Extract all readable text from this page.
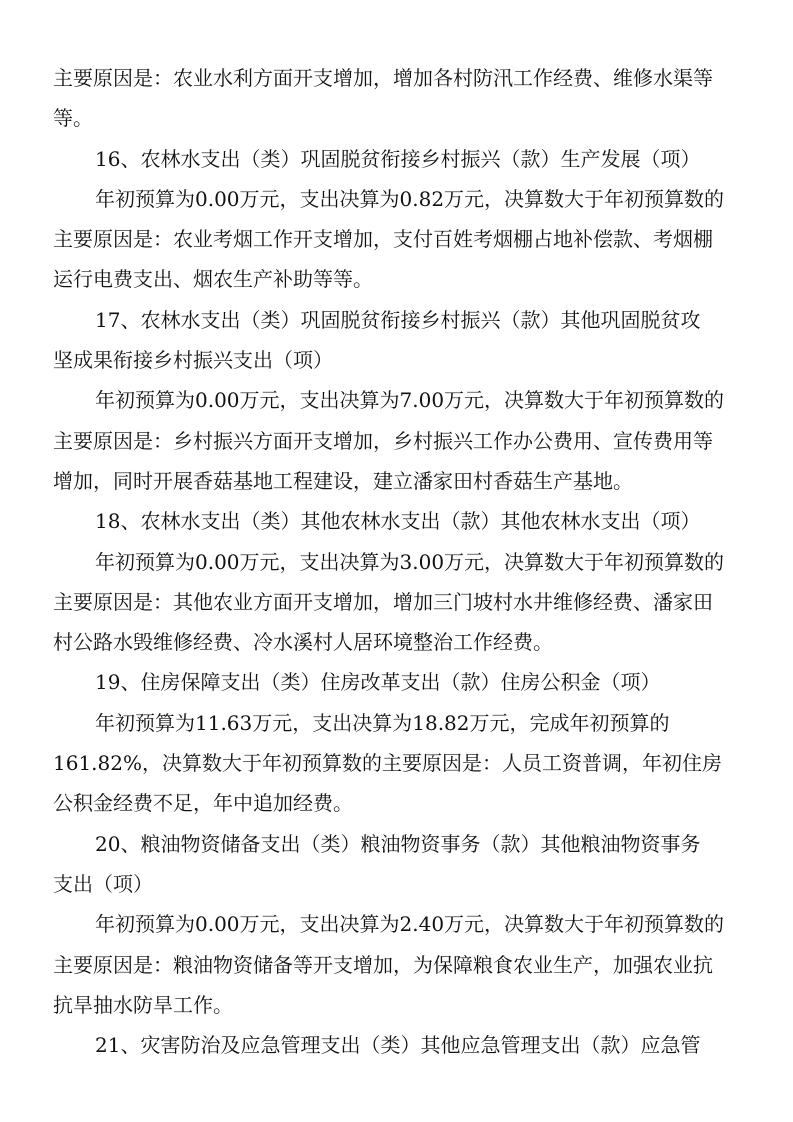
主要原因是：农业水利方面开支增加，增加各村防汛工作经费、维修水渠等
等。
16、农林水支出（类）巩固脱贫衔接乡村振兴（款）生产发展（项）
年初预算为0.00万元，支出决算为0.82万元，决算数大于年初预算数的
主要原因是：农业考烟工作开支增加，支付百姓考烟棚占地补偿款、考烟棚
运行电费支出、烟农生产补助等等。
17、农林水支出（类）巩固脱贫衔接乡村振兴（款）其他巩固脱贫攻
坚成果衔接乡村振兴支出（项）
年初预算为0.00万元，支出决算为7.00万元，决算数大于年初预算数的
主要原因是：乡村振兴方面开支增加，乡村振兴工作办公费用、宣传费用等
增加，同时开展香菇基地工程建设，建立潘家田村香菇生产基地。
18、农林水支出（类）其他农林水支出（款）其他农林水支出（项）
年初预算为0.00万元，支出决算为3.00万元，决算数大于年初预算数的
主要原因是：其他农业方面开支增加，增加三门坡村水井维修经费、潘家田
村公路水毁维修经费、冷水溪村人居环境整治工作经费。
19、住房保障支出（类）住房改革支出（款）住房公积金（项）
年初预算为11.63万元，支出决算为18.82万元，完成年初预算的
161.82%，决算数大于年初预算数的主要原因是：人员工资普调，年初住房
公积金经费不足，年中追加经费。
20、粮油物资储备支出（类）粮油物资事务（款）其他粮油物资事务
支出（项）
年初预算为0.00万元，支出决算为2.40万元，决算数大于年初预算数的
主要原因是：粮油物资储备等开支增加，为保障粮食农业生产，加强农业抗
抗旱抽水防旱工作。
21、灾害防治及应急管理支出（类）其他应急管理支出（款）应急管
